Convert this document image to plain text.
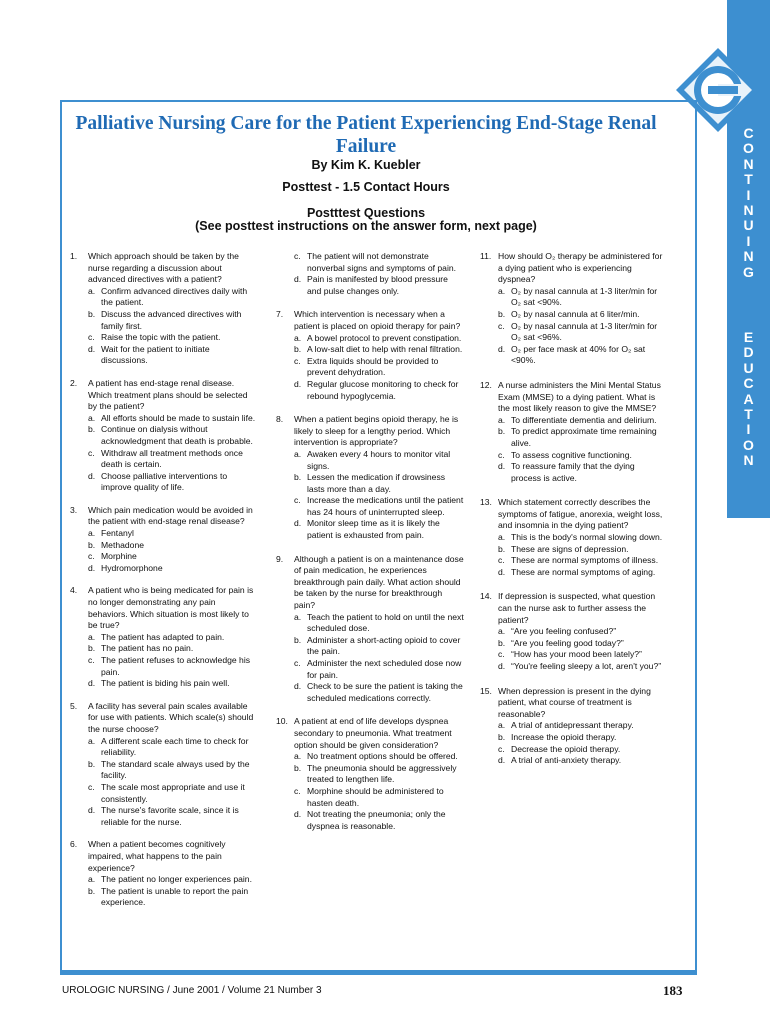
C
O
N
T
I
N
U
I
N
G
E
D
U
C
A
T
I
O
N
Palliative Nursing Care for the Patient Experiencing End-Stage Renal Failure
By Kim K. Kuebler
Posttest - 1.5 Contact Hours
Postttest Questions
(See posttest instructions on the answer form, next page)
1.	Which approach should be taken by the nurse regarding a discussion about advanced directives with a patient?
a. Confirm advanced directives daily with the patient.
b. Discuss the advanced directives with family first.
c. Raise the topic with the patient.
d. Wait for the patient to initiate discussions.
2.	A patient has end-stage renal disease. Which treatment plans should be selected by the patient?
a. All efforts should be made to sustain life.
b. Continue on dialysis without acknowledgment that death is probable.
c. Withdraw all treatment methods once death is certain.
d. Choose palliative interventions to improve quality of life.
3.	Which pain medication would be avoided in the patient with end-stage renal disease?
a. Fentanyl
b. Methadone
c. Morphine
d. Hydromorphone
4.	A patient who is being medicated for pain is no longer demonstrating any pain behaviors. Which situation is most likely to be true?
a. The patient has adapted to pain.
b. The patient has no pain.
c. The patient refuses to acknowledge his pain.
d. The patient is biding his pain well.
5.	A facility has several pain scales available for use with patients. Which scale(s) should the nurse choose?
a. A different scale each time to check for reliability.
b. The standard scale always used by the facility.
c. The scale most appropriate and use it consistently.
d. The nurse's favorite scale, since it is reliable for the nurse.
6.	When a patient becomes cognitively impaired, what happens to the pain experience?
a. The patient no longer experiences pain.
b. The patient is unable to report the pain experience.
c. The patient will not demonstrate nonverbal signs and symptoms of pain.
d. Pain is manifested by blood pressure and pulse changes only.
7.	Which intervention is necessary when a patient is placed on opioid therapy for pain?
a. A bowel protocol to prevent constipation.
b. A low-salt diet to help with renal filtration.
c. Extra liquids should be provided to prevent dehydration.
d. Regular glucose monitoring to check for rebound hypoglycemia.
8.	When a patient begins opioid therapy, he is likely to sleep for a lengthy period. Which intervention is appropriate?
a. Awaken every 4 hours to monitor vital signs.
b. Lessen the medication if drowsiness lasts more than a day.
c. Increase the medications until the patient has 24 hours of uninterrupted sleep.
d. Monitor sleep time as it is likely the patient is exhausted from pain.
9.	Although a patient is on a maintenance dose of pain medication, he experiences breakthrough pain daily. What action should be taken by the nurse for breakthrough pain?
a. Teach the patient to hold on until the next scheduled dose.
b. Administer a short-acting opioid to cover the pain.
c. Administer the next scheduled dose now for pain.
d. Check to be sure the patient is taking the scheduled medications correctly.
10. A patient at end of life develops dyspnea secondary to pneumonia. What treatment option should be given consideration?
a. No treatment options should be offered.
b. The pneumonia should be aggressively treated to lengthen life.
c. Morphine should be administered to hasten death.
d. Not treating the pneumonia; only the dyspnea is reasonable.
11. How should O₂ therapy be administered for a dying patient who is experiencing dyspnea?
a. O₂ by nasal cannula at 1-3 liter/min for O₂ sat <90%.
b. O₂ by nasal cannula at 6 liter/min.
c. O₂ by nasal cannula at 1-3 liter/min for O₂ sat <96%.
d. O₂ per face mask at 40% for O₂ sat <90%.
12. A nurse administers the Mini Mental Status Exam (MMSE) to a dying patient. What is the most likely reason to give the MMSE?
a. To differentiate dementia and delirium.
b. To predict approximate time remaining alive.
c. To assess cognitive functioning.
d. To reassure family that the dying process is active.
13. Which statement correctly describes the symptoms of fatigue, anorexia, weight loss, and insomnia in the dying patient?
a. This is the body's normal slowing down.
b. These are signs of depression.
c. These are normal symptoms of illness.
d. These are normal symptoms of aging.
14. If depression is suspected, what question can the nurse ask to further assess the patient?
a. “Are you feeling confused?”
b. “Are you feeling good today?”
c. “How has your mood been lately?”
d. “You're feeling sleepy a lot, aren't you?”
15. When depression is present in the dying patient, what course of treatment is reasonable?
a. A trial of antidepressant therapy.
b. Increase the opioid therapy.
c. Decrease the opioid therapy.
d. A trial of anti-anxiety therapy.
UROLOGIC NURSING / June 2001 / Volume 21 Number 3	183
